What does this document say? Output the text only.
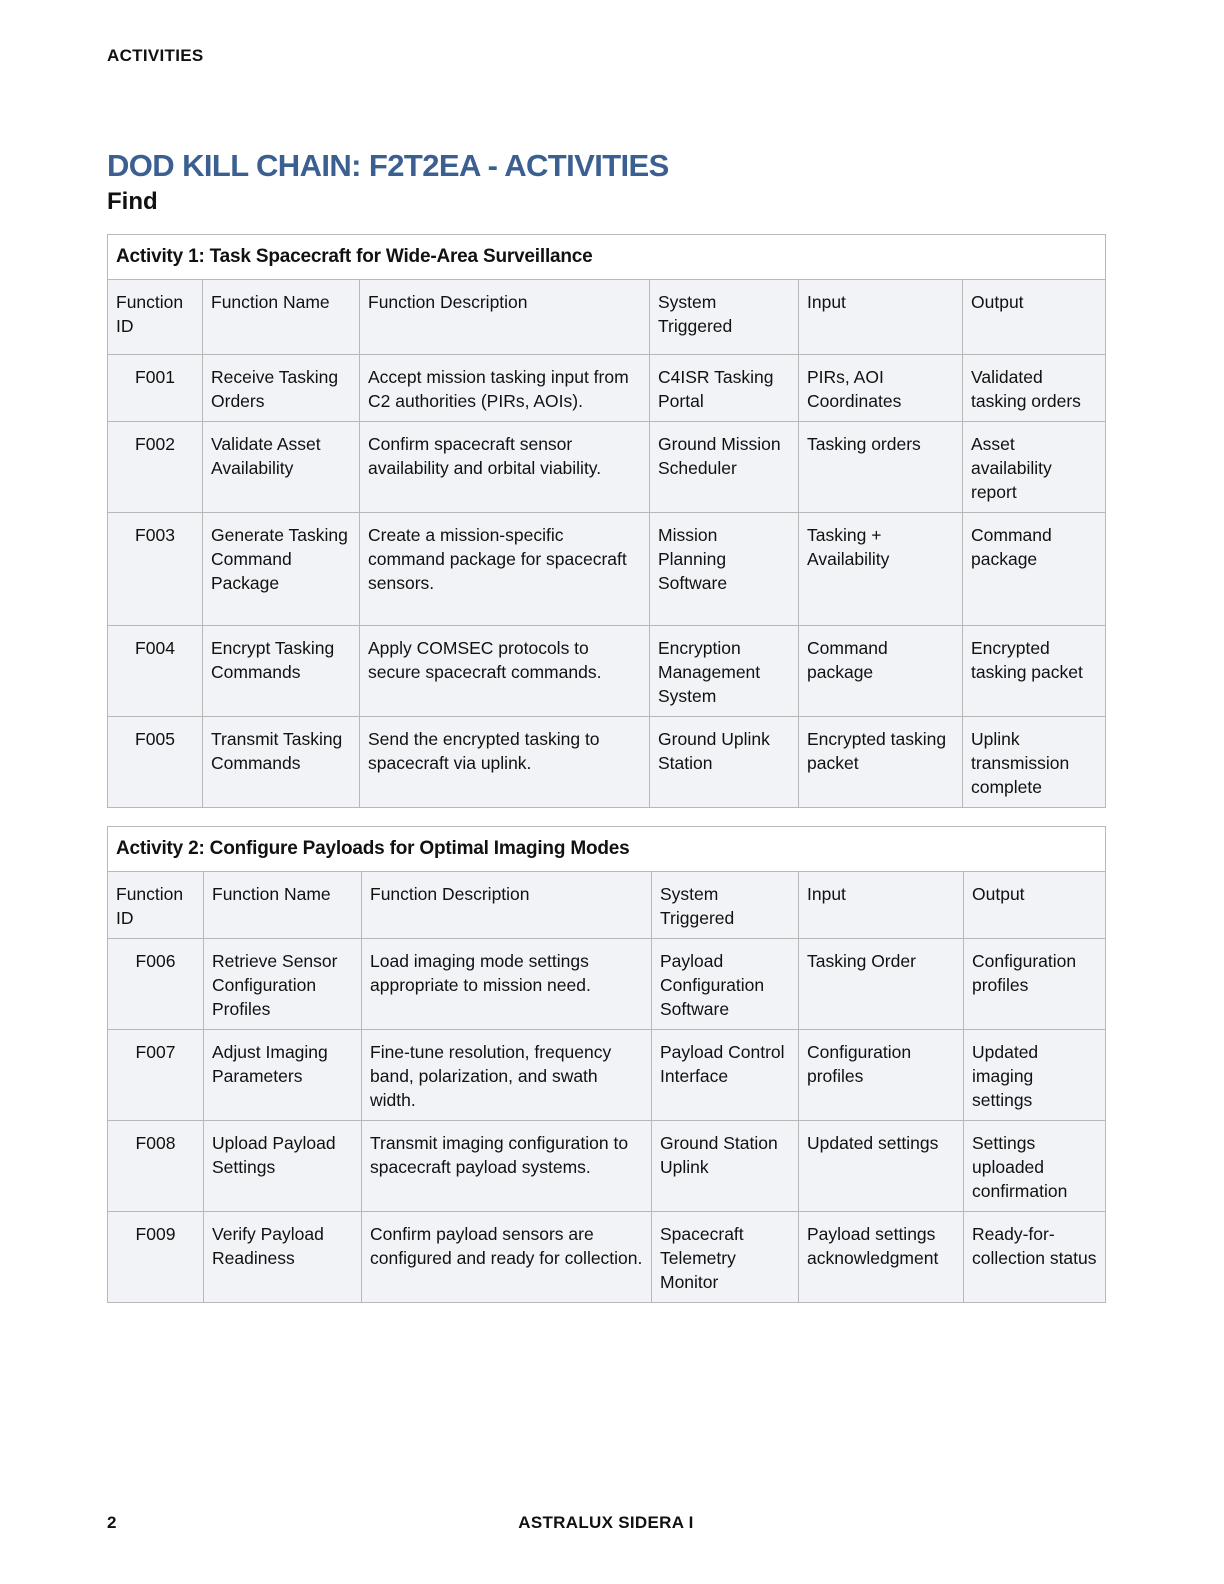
ACTIVITIES
DOD KILL CHAIN: F2T2EA - ACTIVITIES
Find
Activity 1: Task Spacecraft for Wide-Area Surveillance					
Function ID	Function Name	Function Description	System Triggered	Input	Output
F001	Receive Tasking Orders	Accept mission tasking input from C2 authorities (PIRs, AOIs).	C4ISR Tasking Portal	PIRs, AOI Coordinates	Validated tasking orders
F002	Validate Asset Availability	Confirm spacecraft sensor availability and orbital viability.	Ground Mission Scheduler	Tasking orders	Asset availability report
F003	Generate Tasking Command Package	Create a mission-specific command package for spacecraft sensors.	Mission Planning Software	Tasking + Availability	Command package
F004	Encrypt Tasking Commands	Apply COMSEC protocols to secure spacecraft commands.	Encryption Management System	Command package	Encrypted tasking packet
F005	Transmit Tasking Commands	Send the encrypted tasking to spacecraft via uplink.	Ground Uplink Station	Encrypted tasking packet	Uplink transmission complete
Activity 2: Configure Payloads for Optimal Imaging Modes					
Function ID	Function Name	Function Description	System Triggered	Input	Output
F006	Retrieve Sensor Configuration Profiles	Load imaging mode settings appropriate to mission need.	Payload Configuration Software	Tasking Order	Configuration profiles
F007	Adjust Imaging Parameters	Fine-tune resolution, frequency band, polarization, and swath width.	Payload Control Interface	Configuration profiles	Updated imaging settings
F008	Upload Payload Settings	Transmit imaging configuration to spacecraft payload systems.	Ground Station Uplink	Updated settings	Settings uploaded confirmation
F009	Verify Payload Readiness	Confirm payload sensors are configured and ready for collection.	Spacecraft Telemetry Monitor	Payload settings acknowledgment	Ready-for-collection status
2	ASTRALUX SIDERA I
